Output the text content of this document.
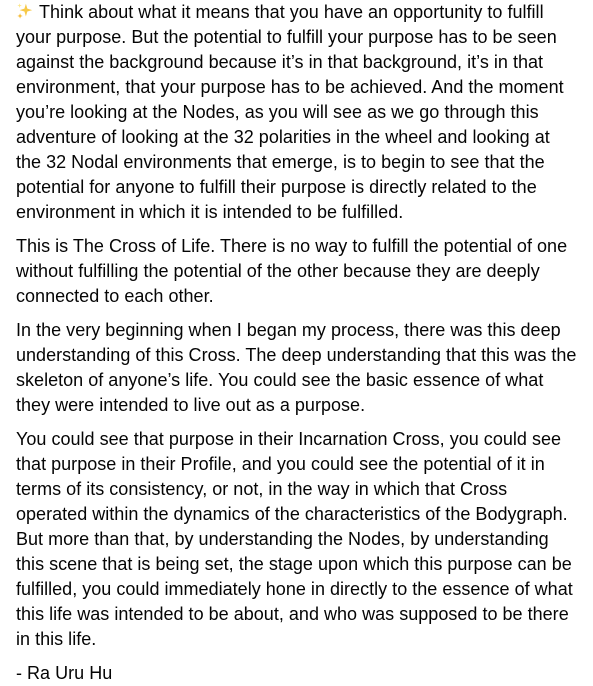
Think about what it means that you have an opportunity to fulfill your purpose. But the potential to fulfill your purpose has to be seen against the background because it’s in that background, it’s in that environment, that your purpose has to be achieved. And the moment you’re looking at the Nodes, as you will see as we go through this adventure of looking at the 32 polarities in the wheel and looking at the 32 Nodal environments that emerge, is to begin to see that the potential for anyone to fulfill their purpose is directly related to the environment in which it is intended to be fulfilled.

This is The Cross of Life. There is no way to fulfill the potential of one without fulfilling the potential of the other because they are deeply connected to each other.

In the very beginning when I began my process, there was this deep understanding of this Cross. The deep understanding that this was the skeleton of anyone’s life. You could see the basic essence of what they were intended to live out as a purpose.

You could see that purpose in their Incarnation Cross, you could see that purpose in their Profile, and you could see the potential of it in terms of its consistency, or not, in the way in which that Cross operated within the dynamics of the characteristics of the Bodygraph. But more than that, by understanding the Nodes, by understanding this scene that is being set, the stage upon which this purpose can be fulfilled, you could immediately hone in directly to the essence of what this life was intended to be about, and who was supposed to be there in this life.

- Ra Uru Hu
